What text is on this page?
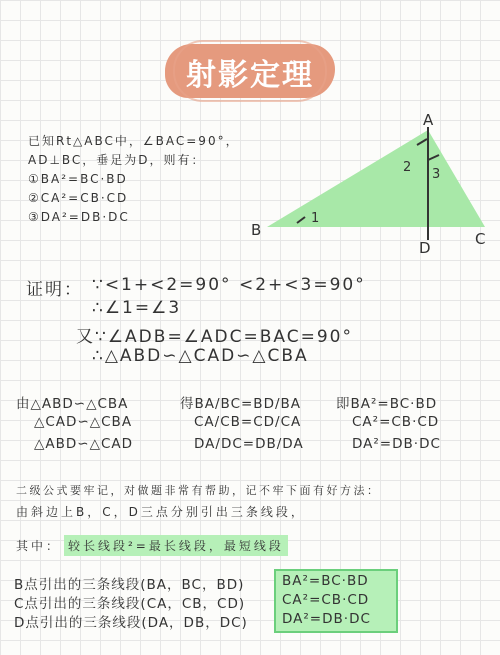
射影定理
已知Rt△ABC中，∠BAC=90°，
AD⊥BC，垂足为D，则有：
①BA²=BC·BD
②CA²=CB·CD
③DA²=DB·DC
A
B	C
D
1
2 3
证明： ∵<1+<2=90° <2+<3=90°
∴∠1=∠3
又∵∠ADB=∠ADC=BAC=90°
∴△ABD∽△CAD∽△CBA
由△ABD∽△CBA
△CAD∽△CBA
△ABD∽△CAD
得BA/BC=BD/BA
CA/CB=CD/CA
DA/DC=DB/DA
即BA²=BC·BD
CA²=CB·CD
DA²=DB·DC
二级公式要牢记，对做题非常有帮助，记不牢下面有好方法：
由斜边上B，C，D三点分别引出三条线段，
其中： 较长线段²=最长线段，最短线段
B点引出的三条线段(BA，BC，BD)
C点引出的三条线段(CA，CB，CD)
D点引出的三条线段(DA，DB，DC)
BA²=BC·BD
CA²=CB·CD
DA²=DB·DC
